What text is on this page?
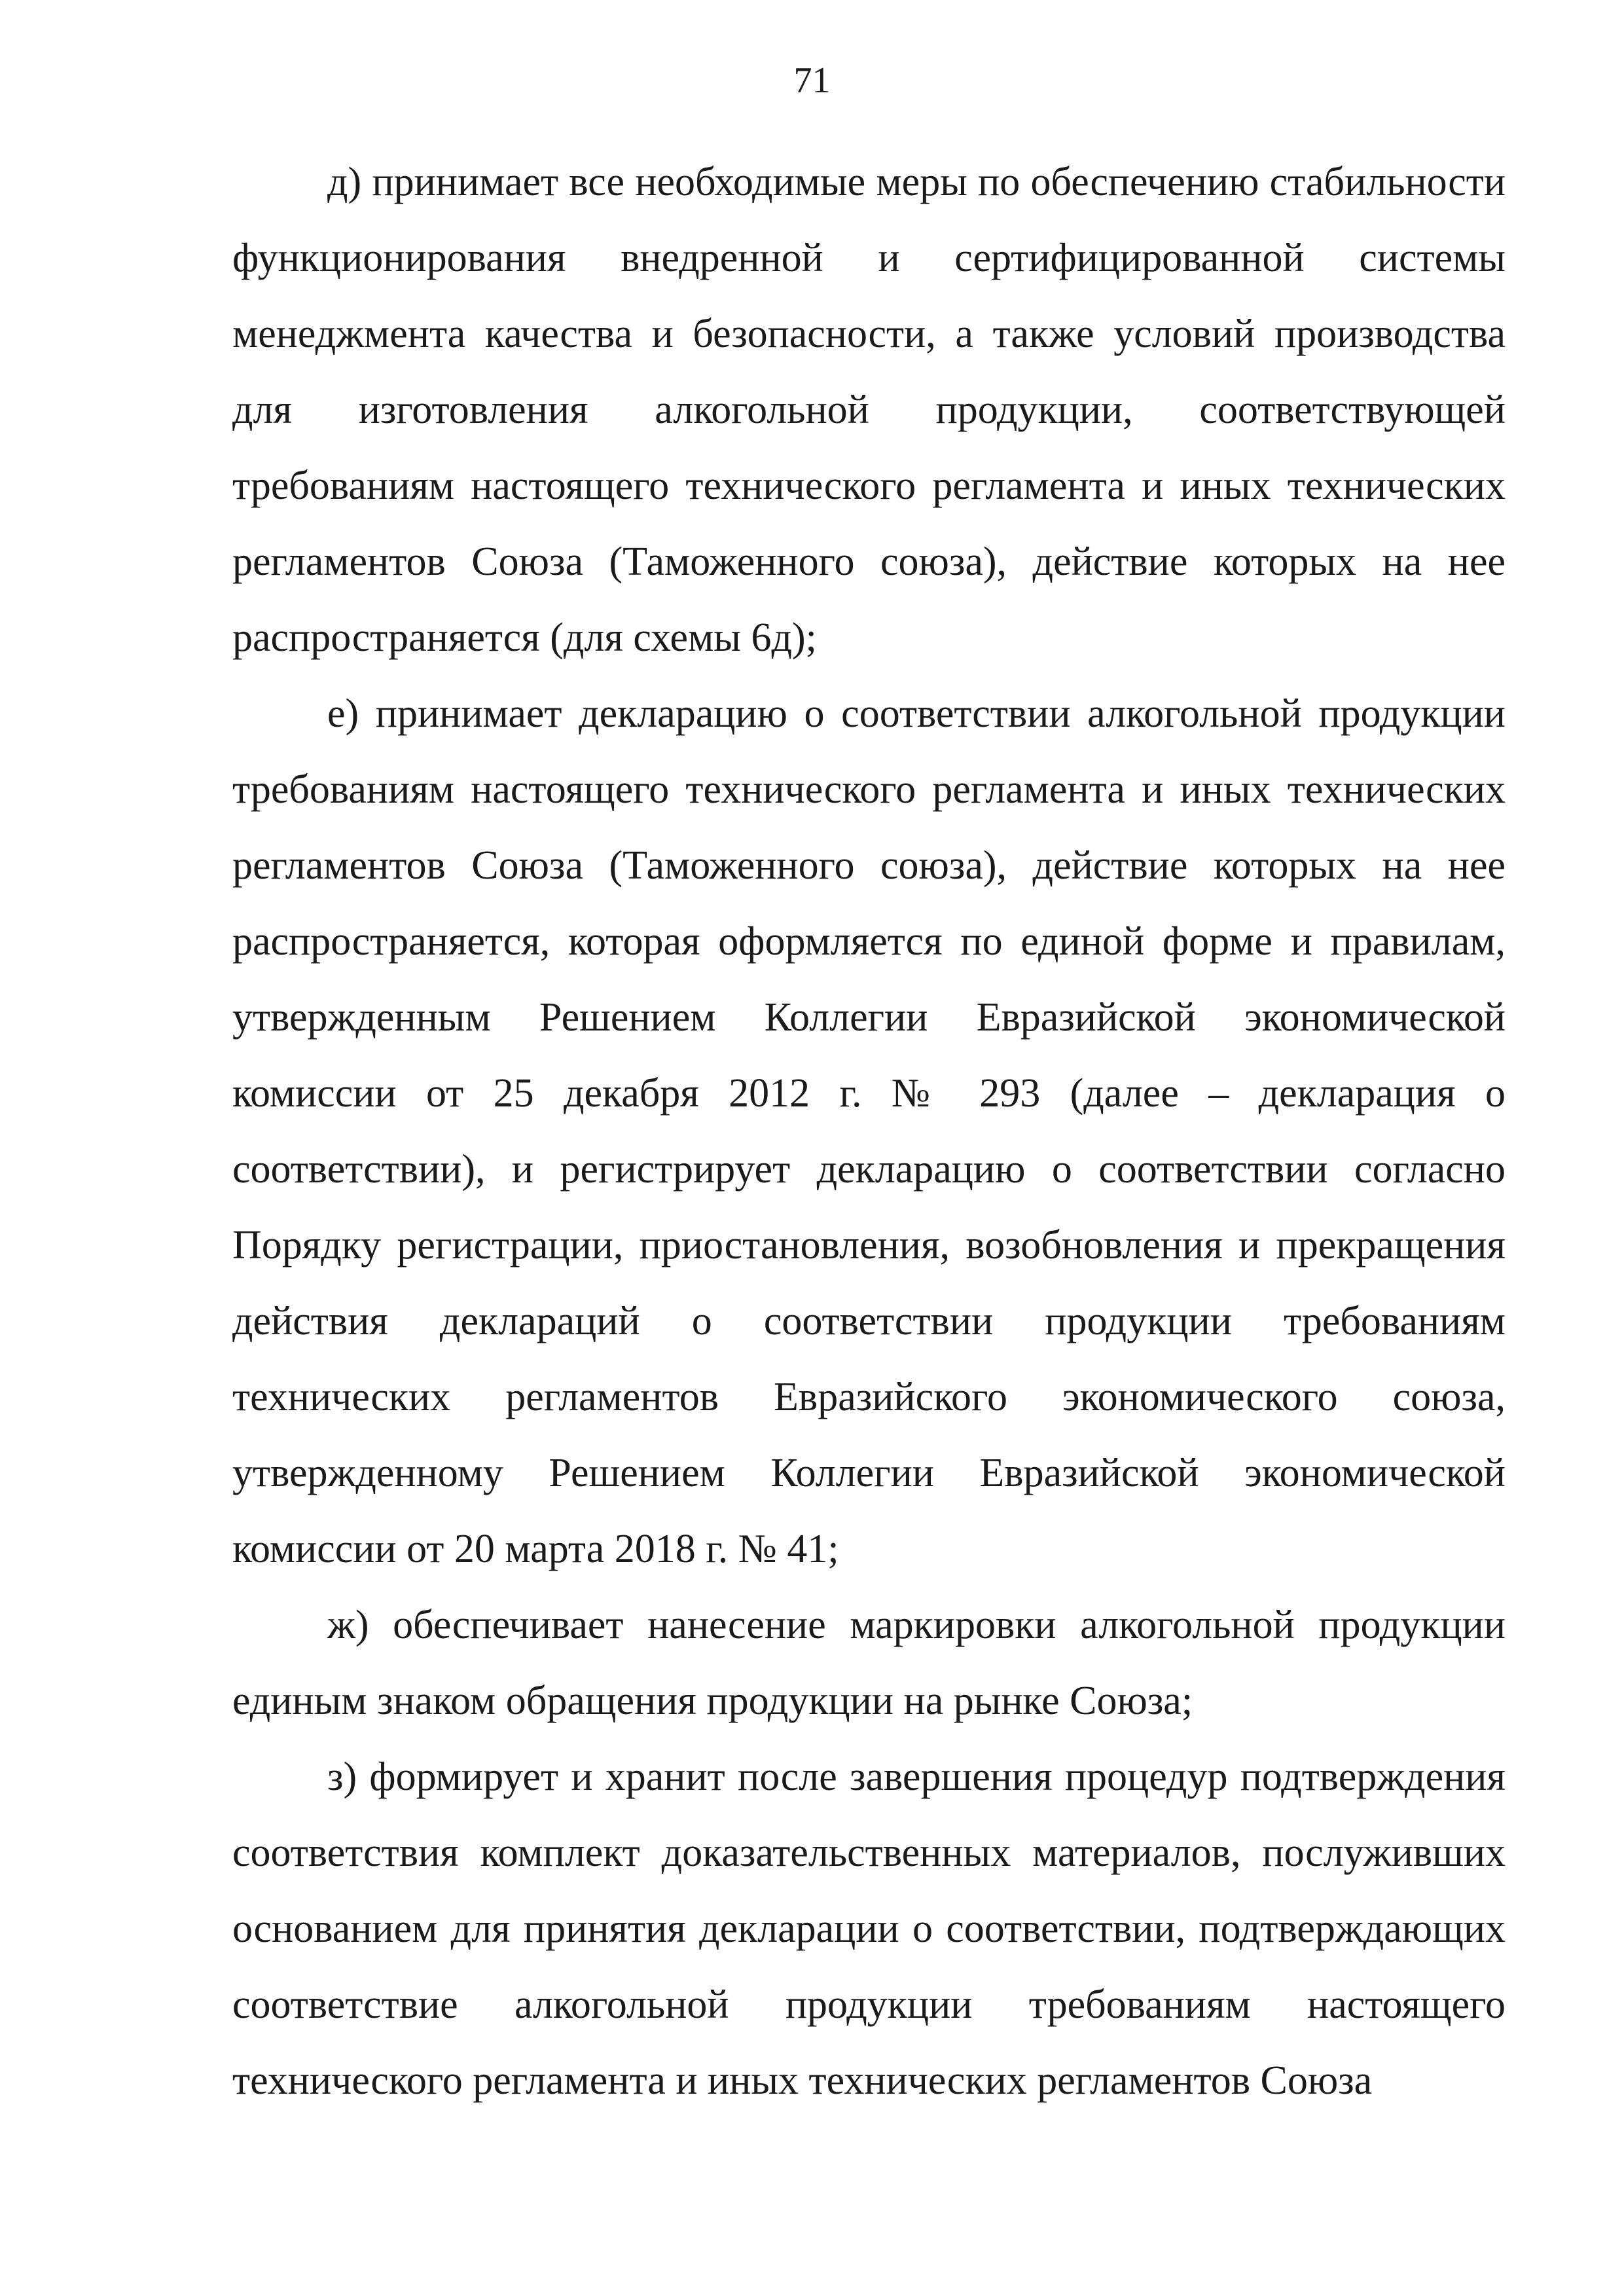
71

д) принимает все необходимые меры по обеспечению стабильности функционирования внедренной и сертифицированной системы менеджмента качества и безопасности, а также условий производства для изготовления алкогольной продукции, соответствующей требованиям настоящего технического регламента и иных технических регламентов Союза (Таможенного союза), действие которых на нее распространяется (для схемы 6д);

е) принимает декларацию о соответствии алкогольной продукции требованиям настоящего технического регламента и иных технических регламентов Союза (Таможенного союза), действие которых на нее распространяется, которая оформляется по единой форме и правилам, утвержденным Решением Коллегии Евразийской экономической комиссии от 25 декабря 2012 г. № 293 (далее – декларация о соответствии), и регистрирует декларацию о соответствии согласно Порядку регистрации, приостановления, возобновления и прекращения действия деклараций о соответствии продукции требованиям технических регламентов Евразийского экономического союза, утвержденному Решением Коллегии Евразийской экономической комиссии от 20 марта 2018 г. № 41;

ж) обеспечивает нанесение маркировки алкогольной продукции единым знаком обращения продукции на рынке Союза;

з) формирует и хранит после завершения процедур подтверждения соответствия комплект доказательственных материалов, послуживших основанием для принятия декларации о соответствии, подтверждающих соответствие алкогольной продукции требованиям настоящего технического регламента и иных технических регламентов Союза
